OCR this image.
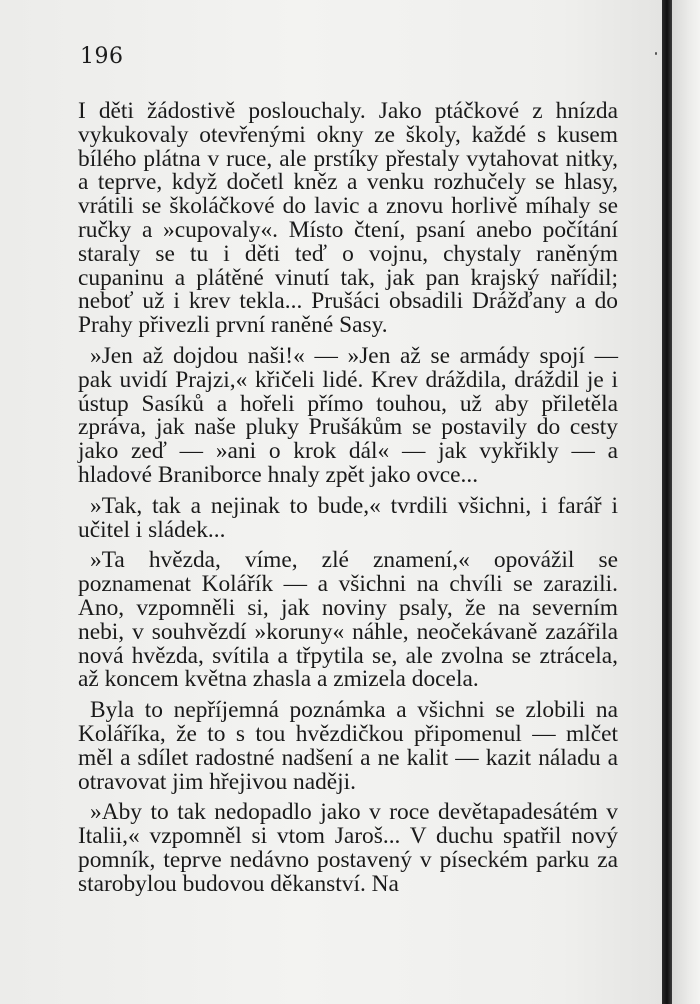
196

I děti žádostivě poslouchaly. Jako ptáčkové z hnízda vykukovaly otevřenými okny ze školy, každé s kusem bílého plátna v ruce, ale prstíky přestaly vytahovat nitky, a teprve, když dočetl kněz a venku rozhučely se hlasy, vrátili se školáčkové do lavic a znovu horlivě míhaly se ručky a »cupovaly«. Místo čtení, psaní anebo počítání staraly se tu i děti teď o vojnu, chystaly raněným cupaninu a plátěné vinutí tak, jak pan krajský nařídil; neboť už i krev tekla... Prušáci obsadili Drážďany a do Prahy přivezli první raněné Sasy.

»Jen až dojdou naši!« — »Jen až se armády spojí — pak uvidí Prajzi,« křičeli lidé. Krev dráždila, dráždil je i ústup Sasíků a hořeli přímo touhou, už aby přiletěla zpráva, jak naše pluky Prušákům se postavily do cesty jako zeď — »ani o krok dál« — jak vykřikly — a hladové Braniborce hnaly zpět jako ovce...

»Tak, tak a nejinak to bude,« tvrdili všichni, i farář i učitel i sládek...

»Ta hvězda, víme, zlé znamení,« opovážil se poznamenat Kolářík — a všichni na chvíli se zarazili. Ano, vzpomněli si, jak noviny psaly, že na severním nebi, v souhvězdí »koruny« náhle, neočekávaně zazářila nová hvězda, svítila a třpytila se, ale zvolna se ztrácela, až koncem května zhasla a zmizela docela.

Byla to nepříjemná poznámka a všichni se zlobili na Koláříka, že to s tou hvězdičkou připomenul — mlčet měl a sdílet radostné nadšení a ne kalit — kazit náladu a otravovat jim hřejivou naději.

»Aby to tak nedopadlo jako v roce devětapadesátém v Italii,« vzpomněl si vtom Jaroš... V duchu spatřil nový pomník, teprve nedávno postavený v píseckém parku za starobylou budovou děkanství. Na
